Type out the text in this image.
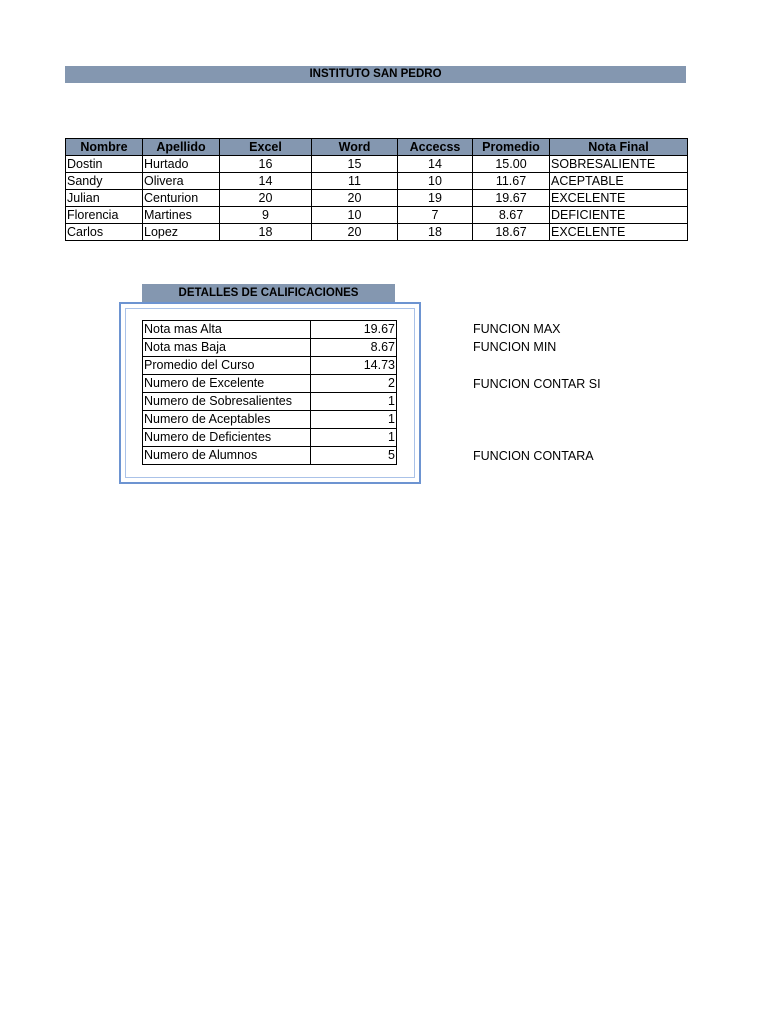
INSTITUTO SAN PEDRO
Nombre	Apellido	Excel	Word	Accecss	Promedio	Nota Final
Dostin	Hurtado	16	15	14	15.00	SOBRESALIENTE
Sandy	Olivera	14	11	10	11.67	ACEPTABLE
Julian	Centurion	20	20	19	19.67	EXCELENTE
Florencia	Martines	9	10	7	8.67	DEFICIENTE
Carlos	Lopez	18	20	18	18.67	EXCELENTE
DETALLES DE CALIFICACIONES
Nota mas Alta	19.67
Nota mas Baja	8.67
Promedio del Curso	14.73
Numero de Excelente	2
Numero de Sobresalientes	1
Numero de Aceptables	1
Numero de Deficientes	1
Numero de Alumnos	5
FUNCION MAX
FUNCION MIN
FUNCION CONTAR SI
FUNCION CONTARA
